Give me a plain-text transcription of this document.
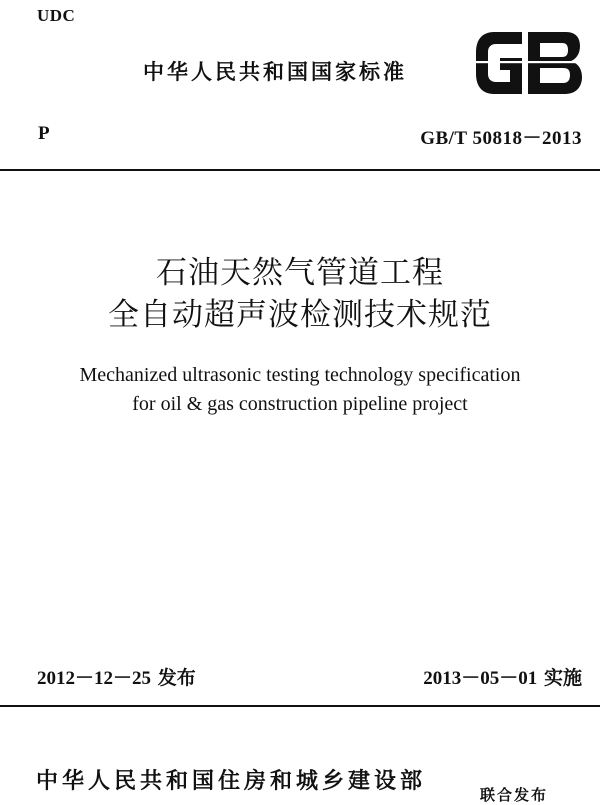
UDC
中华人民共和国国家标准
P	GB/T 50818－2013
石油天然气管道工程
全自动超声波检测技术规范
Mechanized ultrasonic testing technology specification
for oil & gas construction pipeline project
2012－12－25 发布	2013－05－01 实施
中华人民共和国住房和城乡建设部
联合发布
